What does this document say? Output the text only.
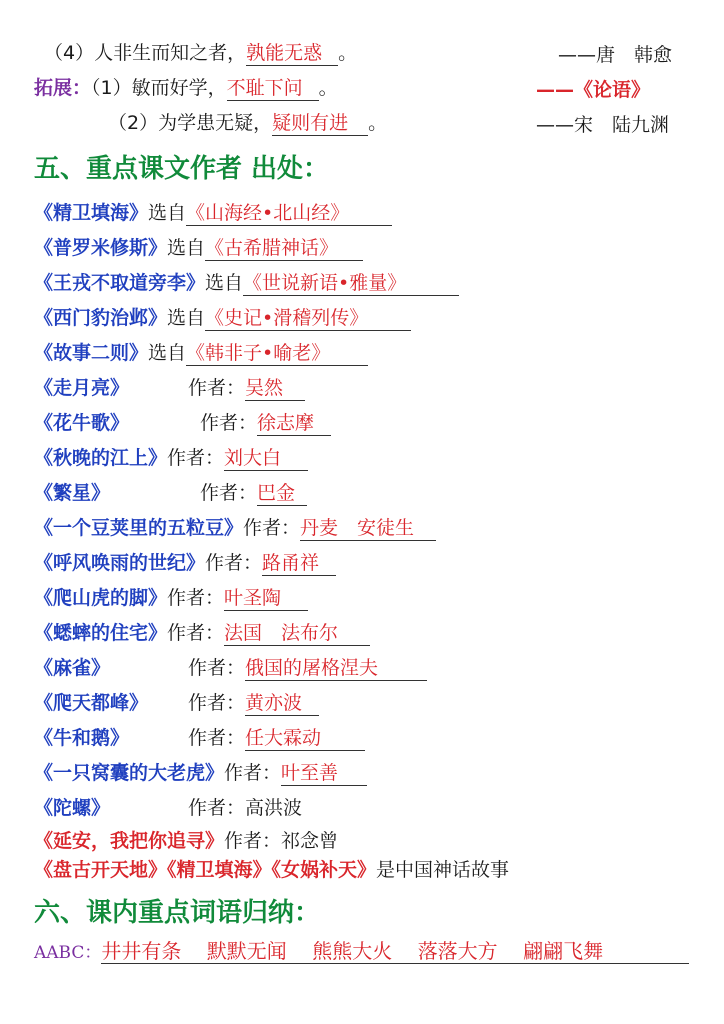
（4）人非生而知之者，孰能无惑 。	——唐　韩愈
拓展：（1）敏而好学，不耻下问 。	——《论语》
（2）为学患无疑，疑则有进 。	——宋　陆九渊
五、重点课文作者 出处：
《精卫填海》选自《山海经•北山经》
《普罗米修斯》选自《古希腊神话》
《王戎不取道旁李》选自《世说新语•雅量》
《西门豹治邺》选自《史记•滑稽列传》
《故事二则》选自《韩非子•喻老》
《走月亮》	作者：吴然
《花牛歌》	作者：徐志摩
《秋晚的江上》作者：刘大白
《繁星》	作者：巴金
《一个豆荚里的五粒豆》作者：丹麦　安徒生
《呼风唤雨的世纪》作者：路甬祥
《爬山虎的脚》作者：叶圣陶
《蟋蟀的住宅》作者：法国　法布尔
《麻雀》	作者：俄国的屠格涅夫
《爬天都峰》 作者：黄亦波
《牛和鹅》	作者：任大霖动
《一只窝囊的大老虎》作者：叶至善
《陀螺》	作者：高洪波
《延安，我把你追寻》作者：祁念曾
《盘古开天地》《精卫填海》《女娲补天》是中国神话故事
六、课内重点词语归纳：
AABC：井井有条 默默无闻 熊熊大火 落落大方 翩翩飞舞
